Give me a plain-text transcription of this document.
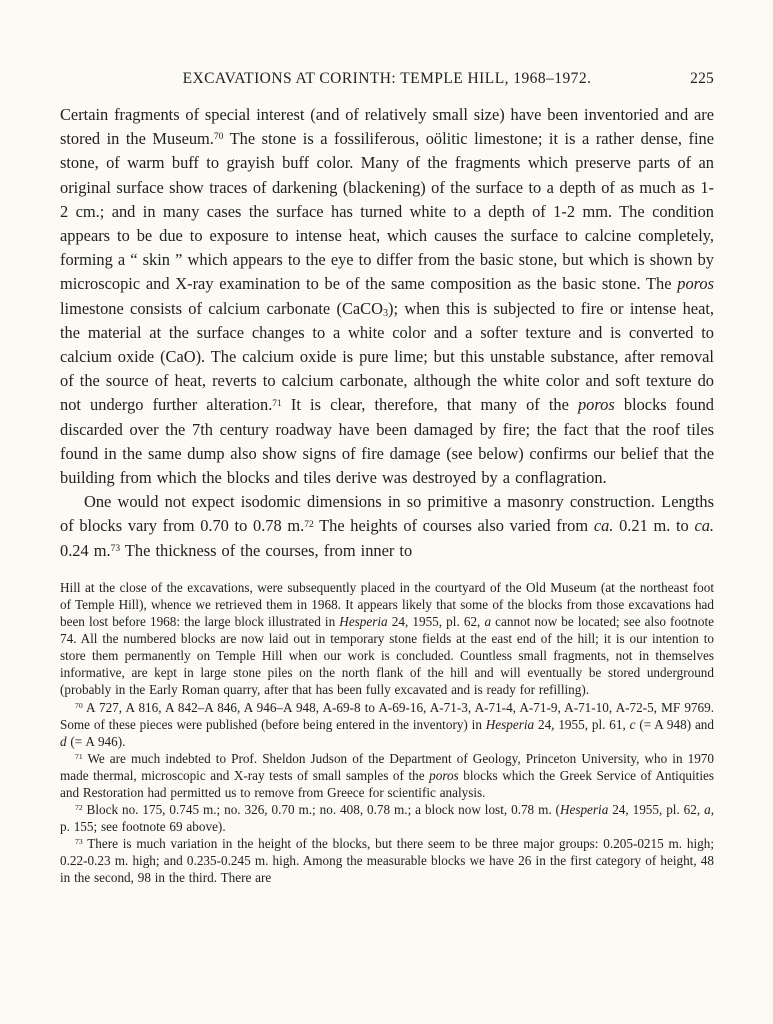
EXCAVATIONS AT CORINTH: TEMPLE HILL, 1968–1972.	225

Certain fragments of special interest (and of relatively small size) have been inventoried and are stored in the Museum.$^{70}$ The stone is a fossiliferous, oölitic limestone; it is a rather dense, fine stone, of warm buff to grayish buff color. Many of the fragments which preserve parts of an original surface show traces of darkening (blackening) of the surface to a depth of as much as 1-2 cm.; and in many cases the surface has turned white to a depth of 1-2 mm. The condition appears to be due to exposure to intense heat, which causes the surface to calcine completely, forming a “ skin ” which appears to the eye to differ from the basic stone, but which is shown by microscopic and X-ray examination to be of the same composition as the basic stone. The poros limestone consists of calcium carbonate (CaCO$_3$); when this is subjected to fire or intense heat, the material at the surface changes to a white color and a softer texture and is converted to calcium oxide (CaO). The calcium oxide is pure lime; but this unstable substance, after removal of the source of heat, reverts to calcium carbonate, although the white color and soft texture do not undergo further alteration.$^{71}$ It is clear, therefore, that many of the poros blocks found discarded over the 7th century roadway have been damaged by fire; the fact that the roof tiles found in the same dump also show signs of fire damage (see below) confirms our belief that the building from which the blocks and tiles derive was destroyed by a conflagration.

One would not expect isodomic dimensions in so primitive a masonry construction. Lengths of blocks vary from 0.70 to 0.78 m.$^{72}$ The heights of courses also varied from ca. 0.21 m. to ca. 0.24 m.$^{73}$ The thickness of the courses, from inner to

Hill at the close of the excavations, were subsequently placed in the courtyard of the Old Museum (at the northeast foot of Temple Hill), whence we retrieved them in 1968. It appears likely that some of the blocks from those excavations had been lost before 1968: the large block illustrated in Hesperia 24, 1955, pl. 62, a cannot now be located; see also footnote 74. All the numbered blocks are now laid out in temporary stone fields at the east end of the hill; it is our intention to store them permanently on Temple Hill when our work is concluded. Countless small fragments, not in themselves informative, are kept in large stone piles on the north flank of the hill and will eventually be stored underground (probably in the Early Roman quarry, after that has been fully excavated and is ready for refilling).

$^{70}$ A 727, A 816, A 842–A 846, A 946–A 948, A-69-8 to A-69-16, A-71-3, A-71-4, A-71-9, A-71-10, A-72-5, MF 9769. Some of these pieces were published (before being entered in the inventory) in Hesperia 24, 1955, pl. 61, c (= A 948) and d (= A 946).

$^{71}$ We are much indebted to Prof. Sheldon Judson of the Department of Geology, Princeton University, who in 1970 made thermal, microscopic and X-ray tests of small samples of the poros blocks which the Greek Service of Antiquities and Restoration had permitted us to remove from Greece for scientific analysis.

$^{72}$ Block no. 175, 0.745 m.; no. 326, 0.70 m.; no. 408, 0.78 m.; a block now lost, 0.78 m. (Hesperia 24, 1955, pl. 62, a, p. 155; see footnote 69 above).

$^{73}$ There is much variation in the height of the blocks, but there seem to be three major groups: 0.205-0215 m. high; 0.22-0.23 m. high; and 0.235-0.245 m. high. Among the measurable blocks we have 26 in the first category of height, 48 in the second, 98 in the third. There are
